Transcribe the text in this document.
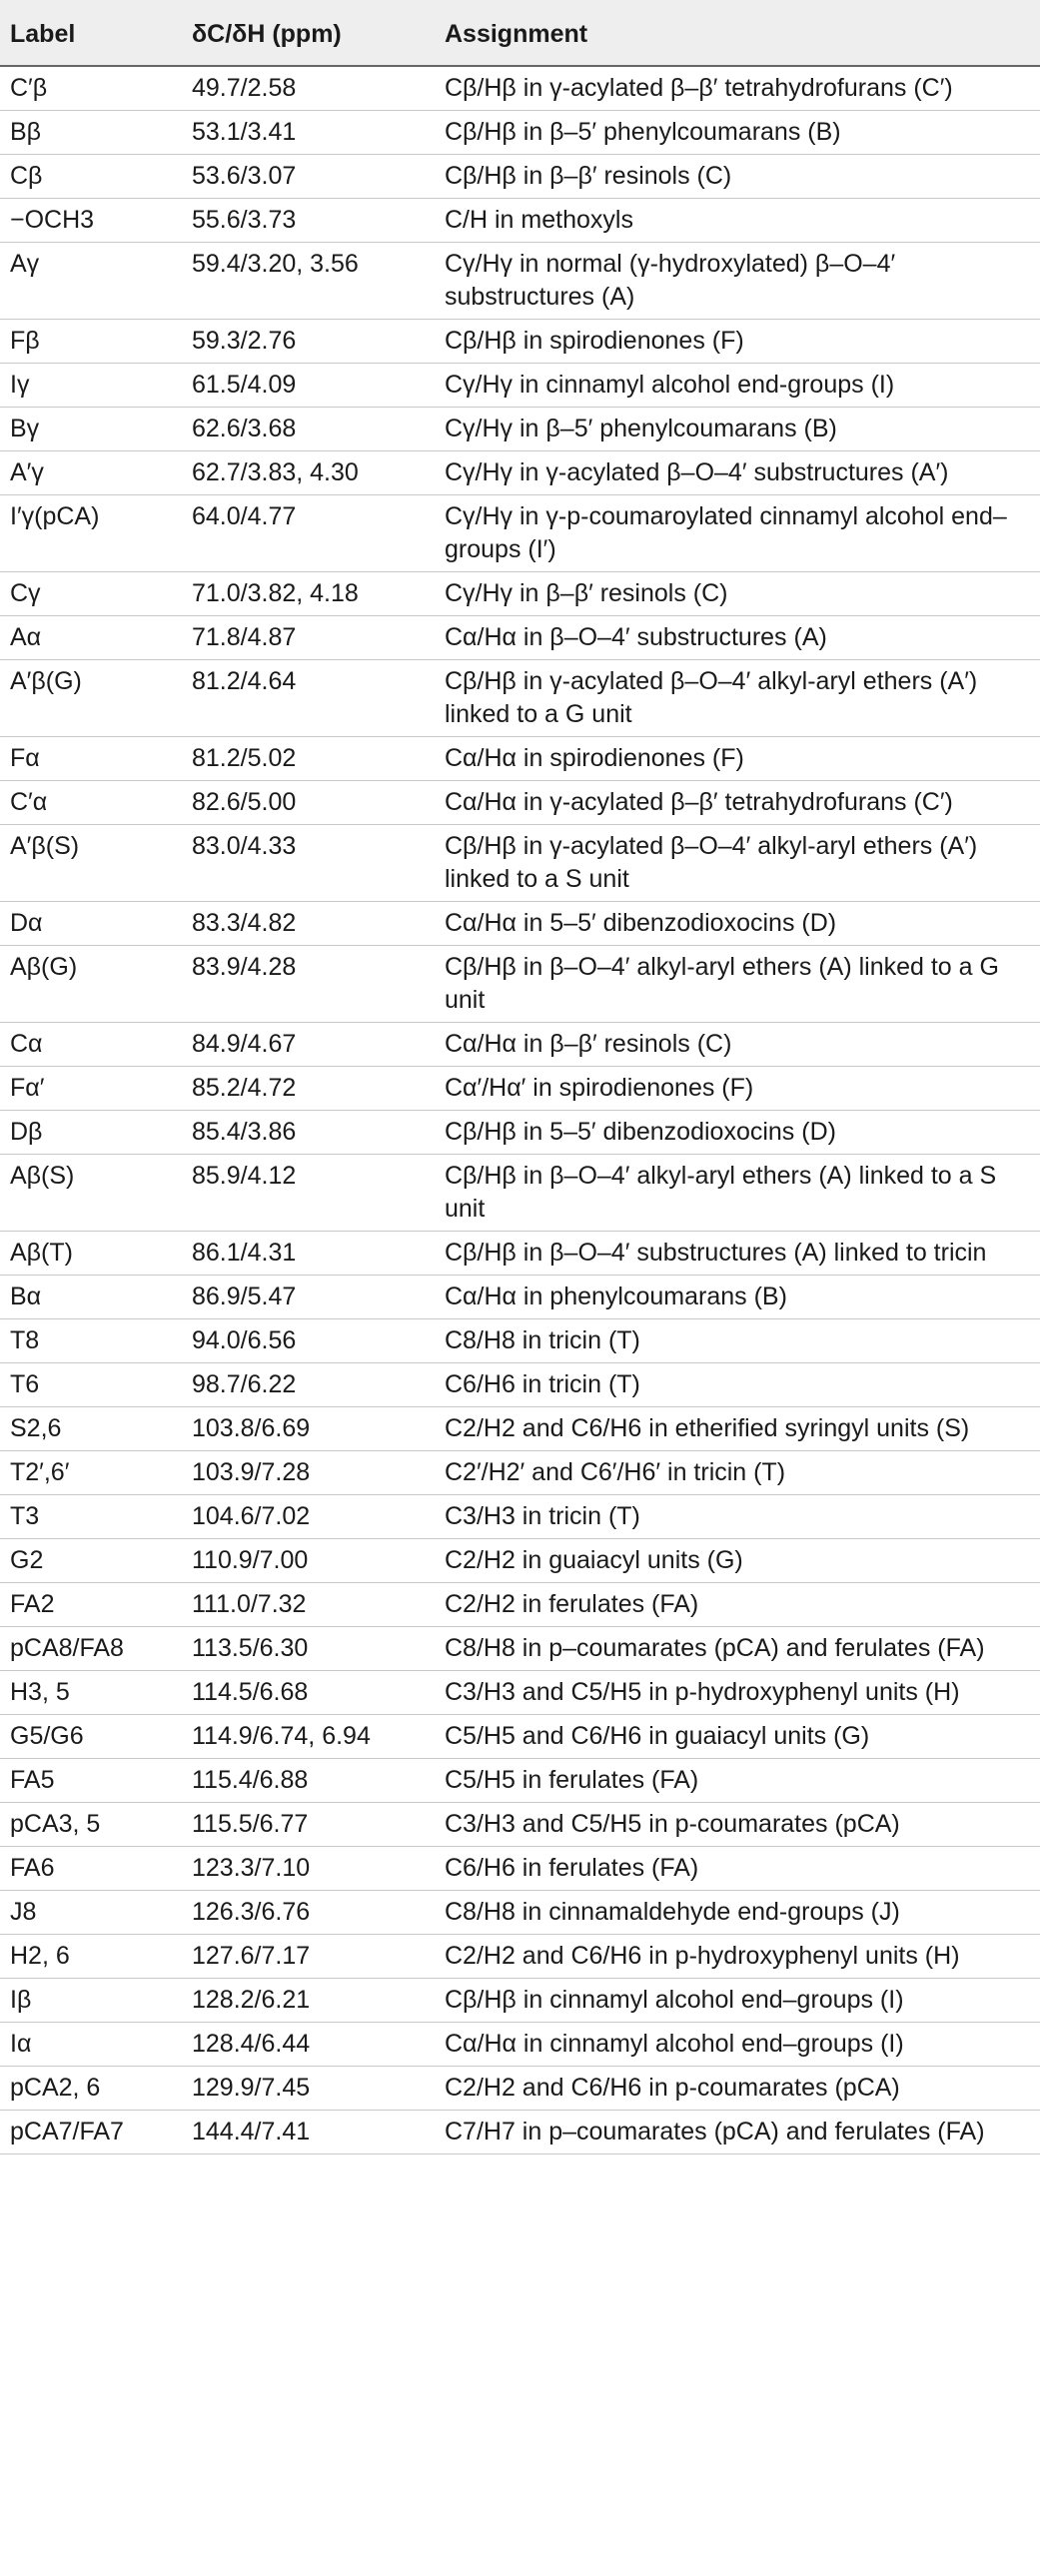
Label	δC/δH (ppm)	Assignment
C′β	49.7/2.58	Cβ/Hβ in γ-acylated β–β′ tetrahydrofurans (C′)
Bβ	53.1/3.41	Cβ/Hβ in β–5′ phenylcoumarans (B)
Cβ	53.6/3.07	Cβ/Hβ in β–β′ resinols (C)
−OCH3	55.6/3.73	C/H in methoxyls
Aγ	59.4/3.20, 3.56	Cγ/Hγ in normal (γ-hydroxylated) β–O–4′ substructures (A)
Fβ	59.3/2.76	Cβ/Hβ in spirodienones (F)
Iγ	61.5/4.09	Cγ/Hγ in cinnamyl alcohol end-groups (I)
Bγ	62.6/3.68	Cγ/Hγ in β–5′ phenylcoumarans (B)
A′γ	62.7/3.83, 4.30	Cγ/Hγ in γ-acylated β–O–4′ substructures (A′)
I′γ(pCA)	64.0/4.77	Cγ/Hγ in γ-p-coumaroylated cinnamyl alcohol end–groups (I′)
Cγ	71.0/3.82, 4.18	Cγ/Hγ in β–β′ resinols (C)
Aα	71.8/4.87	Cα/Hα in β–O–4′ substructures (A)
A′β(G)	81.2/4.64	Cβ/Hβ in γ-acylated β–O–4′ alkyl-aryl ethers (A′) linked to a G unit
Fα	81.2/5.02	Cα/Hα in spirodienones (F)
C′α	82.6/5.00	Cα/Hα in γ-acylated β–β′ tetrahydrofurans (C′)
A′β(S)	83.0/4.33	Cβ/Hβ in γ-acylated β–O–4′ alkyl-aryl ethers (A′) linked to a S unit
Dα	83.3/4.82	Cα/Hα in 5–5′ dibenzodioxocins (D)
Aβ(G)	83.9/4.28	Cβ/Hβ in β–O–4′ alkyl-aryl ethers (A) linked to a G unit
Cα	84.9/4.67	Cα/Hα in β–β′ resinols (C)
Fα′	85.2/4.72	Cα′/Hα′ in spirodienones (F)
Dβ	85.4/3.86	Cβ/Hβ in 5–5′ dibenzodioxocins (D)
Aβ(S)	85.9/4.12	Cβ/Hβ in β–O–4′ alkyl-aryl ethers (A) linked to a S unit
Aβ(T)	86.1/4.31	Cβ/Hβ in β–O–4′ substructures (A) linked to tricin
Bα	86.9/5.47	Cα/Hα in phenylcoumarans (B)
T8	94.0/6.56	C8/H8 in tricin (T)
T6	98.7/6.22	C6/H6 in tricin (T)
S2,6	103.8/6.69	C2/H2 and C6/H6 in etherified syringyl units (S)
T2′,6′	103.9/7.28	C2′/H2′ and C6′/H6′ in tricin (T)
T3	104.6/7.02	C3/H3 in tricin (T)
G2	110.9/7.00	C2/H2 in guaiacyl units (G)
FA2	111.0/7.32	C2/H2 in ferulates (FA)
pCA8/FA8	113.5/6.30	C8/H8 in p–coumarates (pCA) and ferulates (FA)
H3, 5	114.5/6.68	C3/H3 and C5/H5 in p-hydroxyphenyl units (H)
G5/G6	114.9/6.74, 6.94	C5/H5 and C6/H6 in guaiacyl units (G)
FA5	115.4/6.88	C5/H5 in ferulates (FA)
pCA3, 5	115.5/6.77	C3/H3 and C5/H5 in p-coumarates (pCA)
FA6	123.3/7.10	C6/H6 in ferulates (FA)
J8	126.3/6.76	C8/H8 in cinnamaldehyde end-groups (J)
H2, 6	127.6/7.17	C2/H2 and C6/H6 in p-hydroxyphenyl units (H)
Iβ	128.2/6.21	Cβ/Hβ in cinnamyl alcohol end–groups (I)
Iα	128.4/6.44	Cα/Hα in cinnamyl alcohol end–groups (I)
pCA2, 6	129.9/7.45	C2/H2 and C6/H6 in p-coumarates (pCA)
pCA7/FA7	144.4/7.41	C7/H7 in p–coumarates (pCA) and ferulates (FA)
